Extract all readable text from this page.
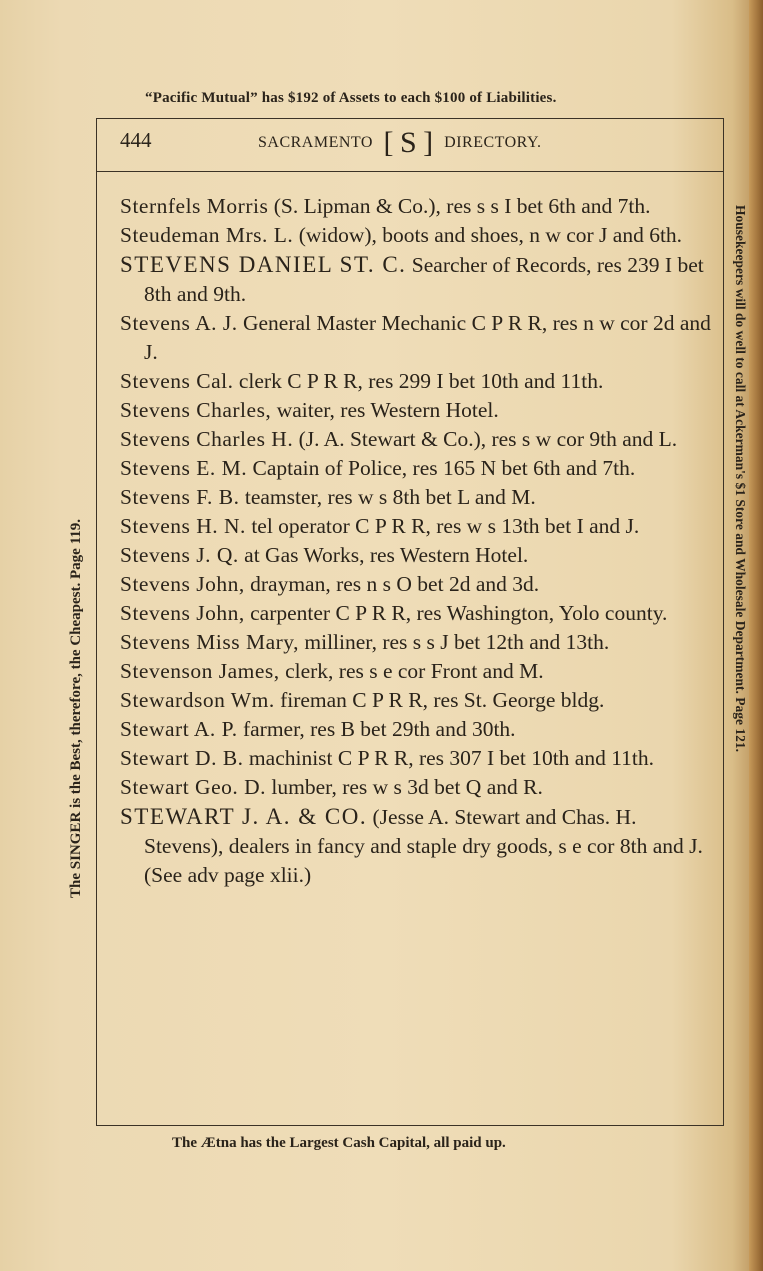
“Pacific Mutual” has $192 of Assets to each $100 of Liabilities.
The SINGER is the Best, therefore, the Cheapest. Page 119.	Housekeepers will do well to call at Ackerman's $1 Store and Wholesale Department. Page 121.
444	SACRAMENTO [ S ] DIRECTORY.

Sternfels Morris (S. Lipman & Co.), res s s I bet 6th and 7th.

Steudeman Mrs. L. (widow), boots and shoes, n w cor J and 6th.

STEVENS DANIEL ST. C. Searcher of Records, res 239 I bet 8th and 9th.

Stevens A. J. General Master Mechanic C P R R, res n w cor 2d and J.

Stevens Cal. clerk C P R R, res 299 I bet 10th and 11th.

Stevens Charles, waiter, res Western Hotel.

Stevens Charles H. (J. A. Stewart & Co.), res s w cor 9th and L.

Stevens E. M. Captain of Police, res 165 N bet 6th and 7th.

Stevens F. B. teamster, res w s 8th bet L and M.

Stevens H. N. tel operator C P R R, res w s 13th bet I and J.

Stevens J. Q. at Gas Works, res Western Hotel.

Stevens John, drayman, res n s O bet 2d and 3d.

Stevens John, carpenter C P R R, res Washington, Yolo county.

Stevens Miss Mary, milliner, res s s J bet 12th and 13th.

Stevenson James, clerk, res s e cor Front and M.

Stewardson Wm. fireman C P R R, res St. George bldg.

Stewart A. P. farmer, res B bet 29th and 30th.

Stewart D. B. machinist C P R R, res 307 I bet 10th and 11th.

Stewart Geo. D. lumber, res w s 3d bet Q and R.

STEWART J. A. & CO. (Jesse A. Stewart and Chas. H. Stevens), dealers in fancy and staple dry goods, s e cor 8th and J. (See adv page xlii.)

The Ætna has the Largest Cash Capital, all paid up.
